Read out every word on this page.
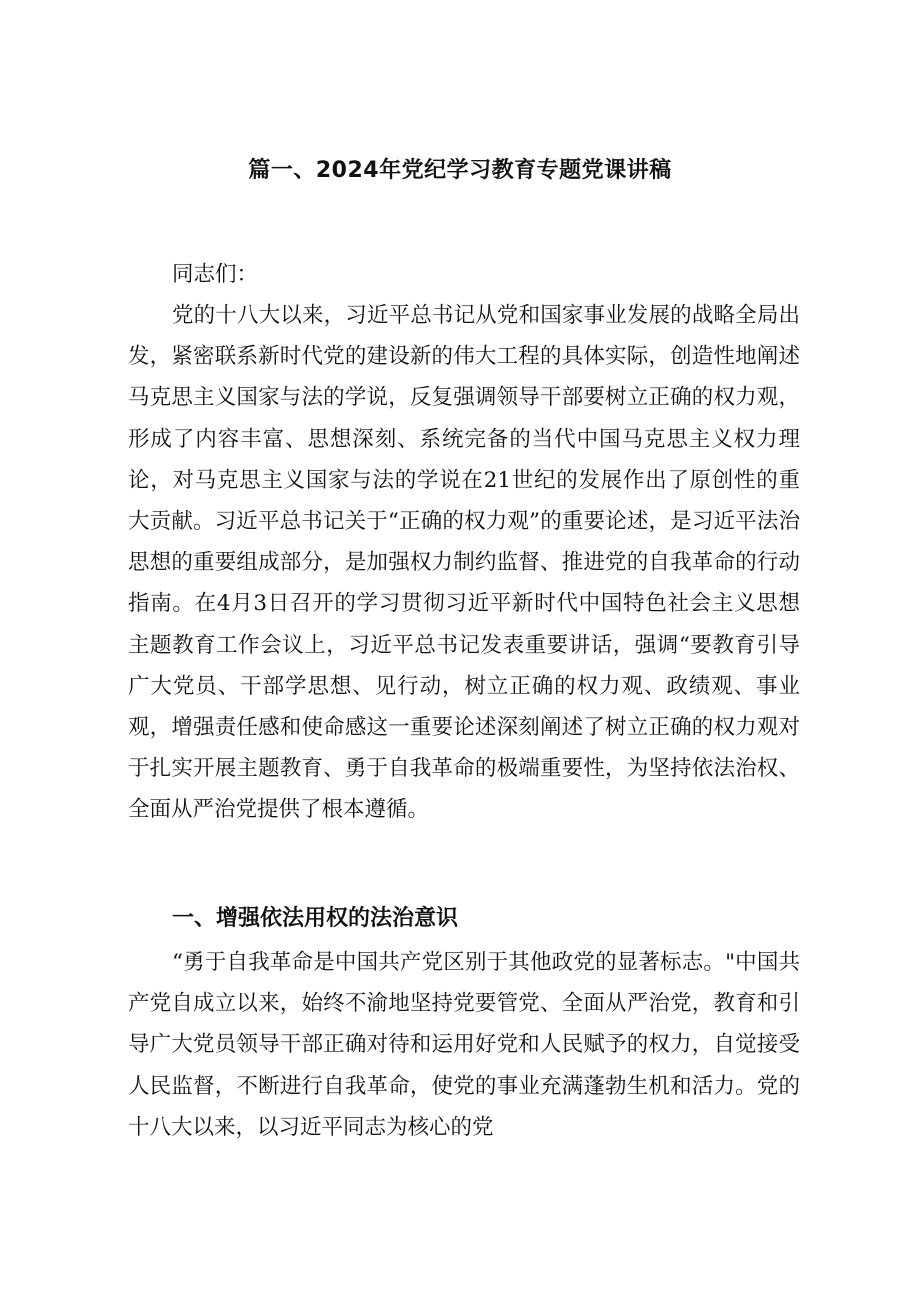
篇一、2024年党纪学习教育专题党课讲稿
同志们：
党的十八大以来，习近平总书记从党和国家事业发展的战略全局出发，紧密联系新时代党的建设新的伟大工程的具体实际，创造性地阐述马克思主义国家与法的学说，反复强调领导干部要树立正确的权力观，形成了内容丰富、思想深刻、系统完备的当代中国马克思主义权力理论，对马克思主义国家与法的学说在21世纪的发展作出了原创性的重大贡献。习近平总书记关于“正确的权力观”的重要论述，是习近平法治思想的重要组成部分，是加强权力制约监督、推进党的自我革命的行动指南。在4月3日召开的学习贯彻习近平新时代中国特色社会主义思想主题教育工作会议上，习近平总书记发表重要讲话，强调“要教育引导广大党员、干部学思想、见行动，树立正确的权力观、政绩观、事业观，增强责任感和使命感这一重要论述深刻阐述了树立正确的权力观对于扎实开展主题教育、勇于自我革命的极端重要性，为坚持依法治权、全面从严治党提供了根本遵循。
一、增强依法用权的法治意识
“勇于自我革命是中国共产党区别于其他政党的显著标志。"中国共产党自成立以来，始终不渝地坚持党要管党、全面从严治党，教育和引导广大党员领导干部正确对待和运用好党和人民赋予的权力，自觉接受人民监督，不断进行自我革命，使党的事业充满蓬勃生机和活力。党的十八大以来，以习近平同志为核心的党
